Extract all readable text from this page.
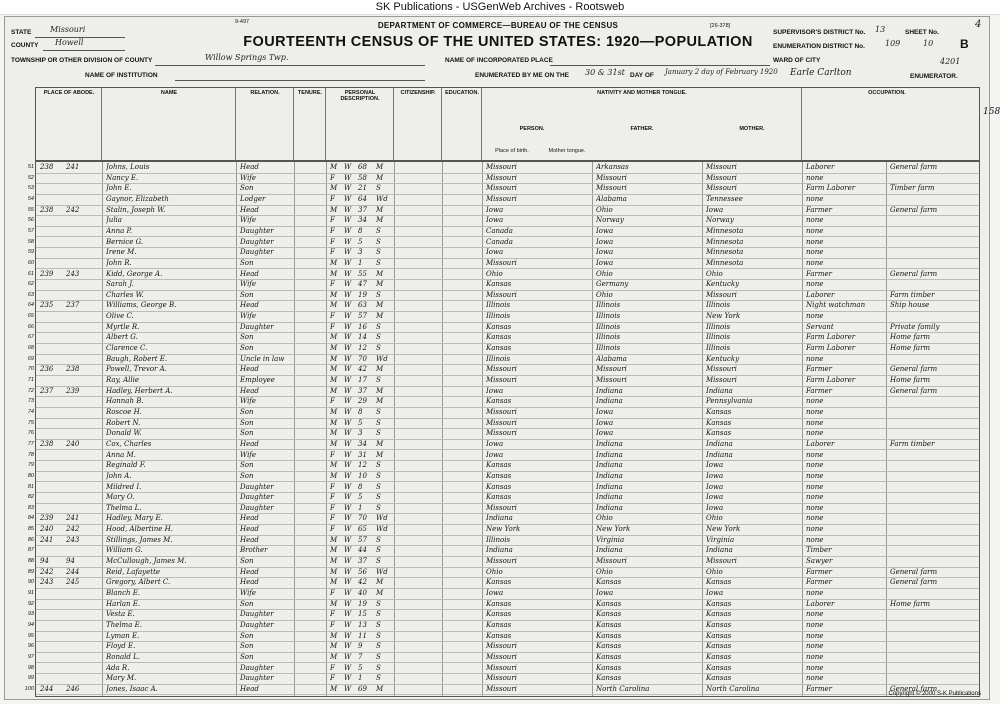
SK Publications - USGenWeb Archives - Rootsweb
9-497
[26-378]
DEPARTMENT OF COMMERCE—BUREAU OF THE CENSUS
FOURTEENTH CENSUS OF THE UNITED STATES: 1920—POPULATION
STATE Missouri
COUNTY Howell
TOWNSHIP OR OTHER DIVISION OF COUNTY	Willow Springs Twp.
NAME OF INSTITUTION
NAME OF INCORPORATED PLACE
ENUMERATED BY ME ON THE 30 & 31st DAY OF January 2 day of February 1920 Earle Carlton	ENUMERATOR.
SUPERVISOR'S DISTRICT No. 13	SHEET No.
ENUMERATION DISTRICT No.	109	10 B
WARD OF CITY
4
4201
158
PLACE OF ABODE.	NAME	RELATION.	TENURE.	PERSONAL DESCRIPTION.
CITIZENSHIP.	EDUCATION.	NATIVITY AND MOTHER TONGUE.
PERSON.	FATHER.	MOTHER.
Place of birth.	Mother tongue.
OCCUPATION.
51 238	241	Johns, Louis	Head	M W 68	M	Missouri	Arkansas	Missouri	Laborer	General farm
52	Nancy E.	Wife	F	W 58	M	Missouri	Missouri	Missouri	none
53	John E.	Son	M W 21	S	Missouri	Missouri	Missouri	Farm Laborer	Timber farm
54	Gaynor, Elizabeth	Lodger	F	W 64	Wd	Missouri	Alabama	Tennessee	none
55 238	242	Stalin, Joseph W.	Head	M W 37	M	Iowa	Ohio	Iowa	Farmer	General farm
56	Julia	Wife	F	W 34	M	Iowa	Norway	Norway	none
57	Anna P.	Daughter	F	W 8	S	Canada	Iowa	Minnesota	none
58	Bernice G.	Daughter	F	W 5	S	Canada	Iowa	Minnesota	none
59	Irene M.	Daughter	F	W 3	S	Iowa	Iowa	Minnesota	none
60	John R.	Son	M W 1	S	Missouri	Iowa	Minnesota	none
61 239	243	Kidd, George A.	Head	M W 55	M	Ohio	Ohio	Ohio	Farmer	General farm
62	Sarah J.	Wife	F	W 47	M	Kansas	Germany	Kentucky	none
63	Charles W.	Son	M W 19	S	Missouri	Ohio	Missouri	Laborer	Farm timber
64 235	237	Williams, George B.	Head	M W 63	M	Illinois	Illinois	Illinois	Night watchman	Ship house
65	Olive C.	Wife	F	W 57	M	Illinois	Illinois	New York	none
66	Myrtle R.	Daughter	F	W 16	S	Kansas	Illinois	Illinois	Servant	Private family
67	Albert G.	Son	M W 14	S	Kansas	Illinois	Illinois	Farm Laborer	Home farm
68	Clarence C.	Son	M W 12	S	Kansas	Illinois	Illinois	Farm Laborer	Home farm
69	Baugh, Robert E.	Uncle in law	M W 70	Wd	Illinois	Alabama	Kentucky	none
70 236	238	Powell, Trevor A.	Head	M W 42	M	Missouri	Missouri	Missouri	Farmer	General farm
71	Ray, Allie	Employee	M W 17	S	Missouri	Missouri	Missouri	Farm Laborer	Home farm
72 237	239	Hadley, Herbert A.	Head	M W 37	M	Iowa	Indiana	Indiana	Farmer	General farm
73	Hannah B.	Wife	F	W 29	M	Kansas	Indiana	Pennsylvania	none
74	Roscoe H.	Son	M W 8	S	Missouri	Iowa	Kansas	none
75	Robert N.	Son	M W 5	S	Missouri	Iowa	Kansas	none
76	Donald W.	Son	M W 3	S	Missouri	Iowa	Kansas	none
77 238	240	Cox, Charles	Head	M W 34	M	Iowa	Indiana	Indiana	Laborer	Farm timber
78	Anna M.	Wife	F	W 31	M	Iowa	Indiana	Indiana	none
79	Reginald F.	Son	M W 12	S	Kansas	Indiana	Iowa	none
80	John A.	Son	M W 10	S	Kansas	Indiana	Iowa	none
81	Mildred I.	Daughter	F	W 8	S	Kansas	Indiana	Iowa	none
82	Mary O.	Daughter	F	W 5	S	Kansas	Indiana	Iowa	none
83	Thelma L.	Daughter	F	W 1	S	Missouri	Indiana	Iowa	none
84 239	241	Hadley, Mary E.	Head	F	W 70	Wd	Indiana	Ohio	Ohio	none
85 240	242	Hood, Albertine H.	Head	F	W 65	Wd	New York	New York	New York	none
86 241	243	Stillings, James M.	Head	M W 57	S	Illinois	Virginia	Virginia	none
87	William G.	Brother	M W 44	S	Indiana	Indiana	Indiana	Timber
88 94	94	McCullough, James M.	Son	M W 37	S	Missouri	Missouri	Missouri	Sawyer
89 242	244	Reid, Lafayette	Head	M W 56	Wd	Ohio	Ohio	Ohio	Farmer	General farm
90 243	245	Gregory, Albert C.	Head	M W 42	M	Kansas	Kansas	Kansas	Farmer	General farm
91	Blanch E.	Wife	F	W 40	M	Iowa	Iowa	Iowa	none
92	Harlan E.	Son	M W 19	S	Kansas	Kansas	Kansas	Laborer	Home farm
93	Vesta E.	Daughter	F	W 15	S	Kansas	Kansas	Kansas	none
94	Thelma E.	Daughter	F	W 13	S	Kansas	Kansas	Kansas	none
95	Lyman E.	Son	M W 11	S	Kansas	Kansas	Kansas	none
96	Floyd E.	Son	M W 9	S	Missouri	Kansas	Kansas	none
97	Ronald L.	Son	M W 7	S	Missouri	Kansas	Kansas	none
98	Ada R.	Daughter	F	W 5	S	Missouri	Kansas	Kansas	none
99	Mary M.	Daughter	F	W 1	S	Missouri	Kansas	Kansas	none
100 244	246	Jones, Isaac A.	Head	M W 69	M	Missouri	North Carolina	North Carolina	Farmer	General farm
Copyright © 2000 S-K Publications
